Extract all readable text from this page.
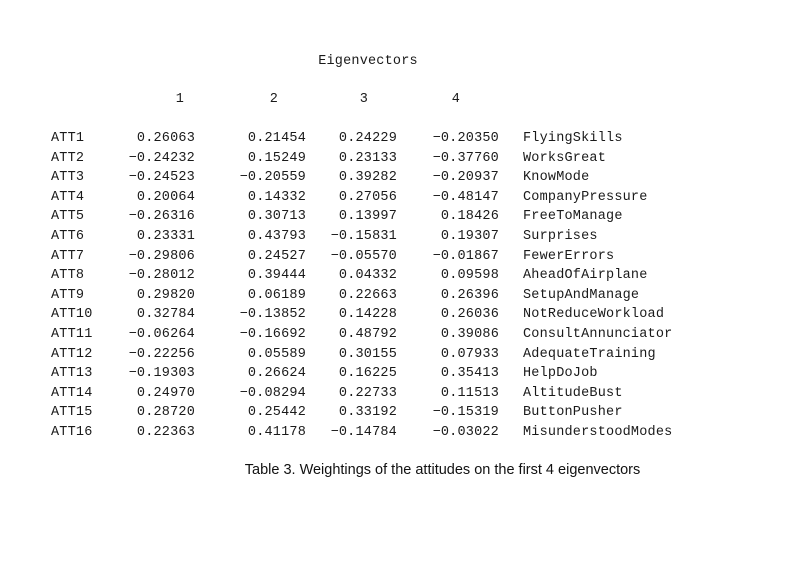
Eigenvectors
1	2	3	4
ATT1	0.26063	0.21454	0.24229	−0.20350 FlyingSkills
ATT2	−0.24232	0.15249	0.23133	−0.37760 WorksGreat
ATT3	−0.24523	−0.20559	0.39282	−0.20937 KnowMode
ATT4	0.20064	0.14332	0.27056	−0.48147 CompanyPressure
ATT5	−0.26316	0.30713	0.13997	0.18426 FreeToManage
ATT6	0.23331	0.43793	−0.15831	0.19307 Surprises
ATT7	−0.29806	0.24527	−0.05570	−0.01867 FewerErrors
ATT8	−0.28012	0.39444	0.04332	0.09598 AheadOfAirplane
ATT9	0.29820	0.06189	0.22663	0.26396 SetupAndManage
ATT10	0.32784	−0.13852	0.14228	0.26036 NotReduceWorkload
ATT11	−0.06264	−0.16692	0.48792	0.39086 ConsultAnnunciator
ATT12	−0.22256	0.05589	0.30155	0.07933 AdequateTraining
ATT13	−0.19303	0.26624	0.16225	0.35413 HelpDoJob
ATT14	0.24970	−0.08294	0.22733	0.11513 AltitudeBust
ATT15	0.28720	0.25442	0.33192	−0.15319 ButtonPusher
ATT16	0.22363	0.41178	−0.14784	−0.03022 MisunderstoodModes
Table 3. Weightings of the attitudes on the first 4 eigenvectors
